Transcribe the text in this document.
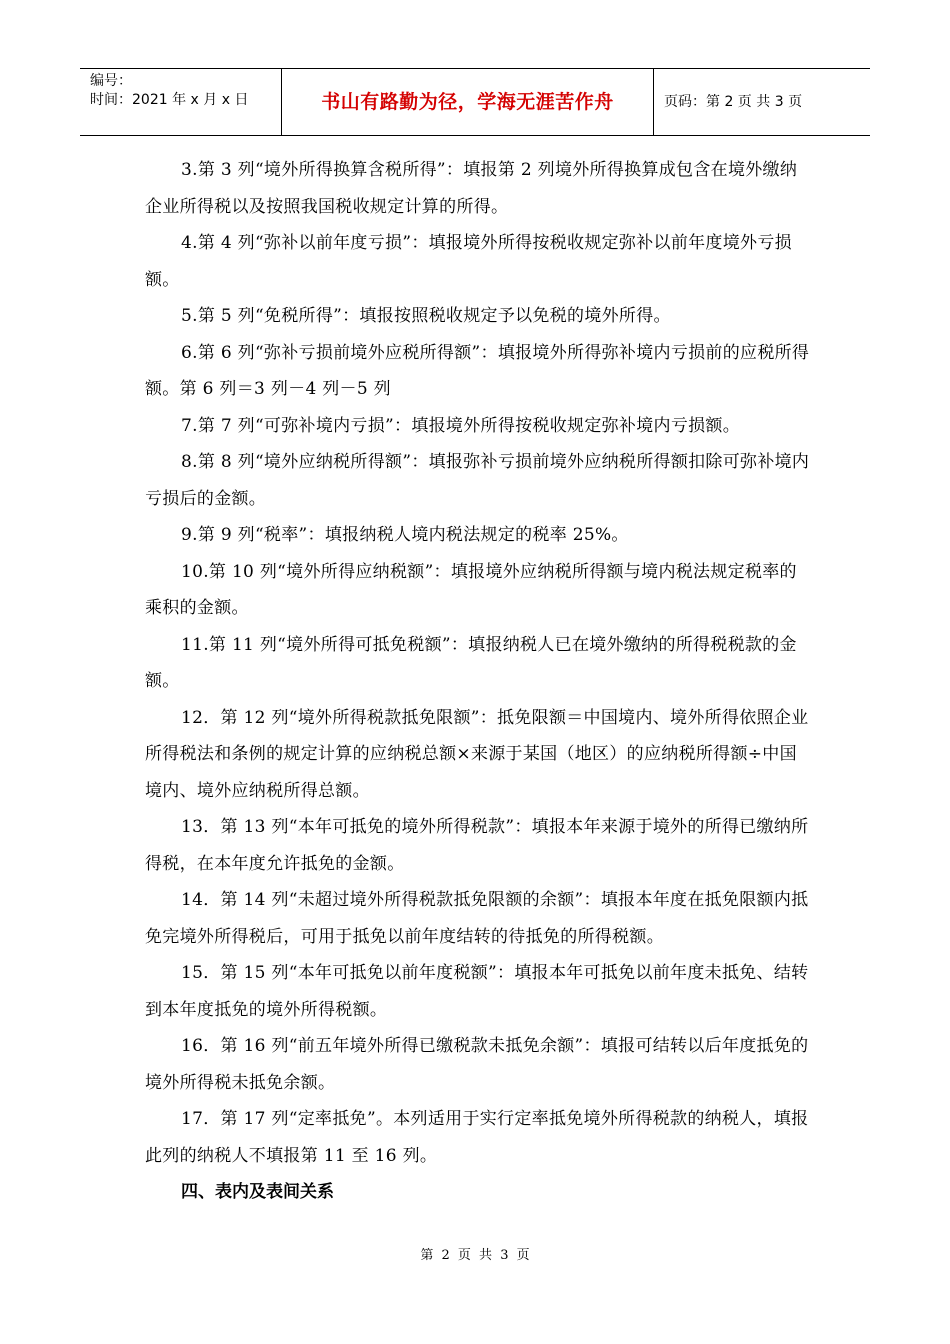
编号：
时间：2021 年 x 月 x 日	书山有路勤为径，学海无涯苦作舟	页码：第 2 页 共 3 页

3.第 3 列“境外所得换算含税所得”：填报第 2 列境外所得换算成包含在境外缴纳企业所得税以及按照我国税收规定计算的所得。

4.第 4 列“弥补以前年度亏损”：填报境外所得按税收规定弥补以前年度境外亏损额。

5.第 5 列“免税所得”：填报按照税收规定予以免税的境外所得。

6.第 6 列“弥补亏损前境外应税所得额”：填报境外所得弥补境内亏损前的应税所得额。第 6 列＝3 列－4 列－5 列

7.第 7 列“可弥补境内亏损”：填报境外所得按税收规定弥补境内亏损额。

8.第 8 列“境外应纳税所得额”：填报弥补亏损前境外应纳税所得额扣除可弥补境内亏损后的金额。

9.第 9 列“税率”：填报纳税人境内税法规定的税率 25%。

10.第 10 列“境外所得应纳税额”：填报境外应纳税所得额与境内税法规定税率的乘积的金额。

11.第 11 列“境外所得可抵免税额”：填报纳税人已在境外缴纳的所得税税款的金额。

12．第 12 列“境外所得税款抵免限额”：抵免限额＝中国境内、境外所得依照企业所得税法和条例的规定计算的应纳税总额×来源于某国（地区）的应纳税所得额÷中国境内、境外应纳税所得总额。

13．第 13 列“本年可抵免的境外所得税款”：填报本年来源于境外的所得已缴纳所得税，在本年度允许抵免的金额。

14．第 14 列“未超过境外所得税款抵免限额的余额”：填报本年度在抵免限额内抵免完境外所得税后，可用于抵免以前年度结转的待抵免的所得税额。

15．第 15 列“本年可抵免以前年度税额”：填报本年可抵免以前年度未抵免、结转到本年度抵免的境外所得税额。

16．第 16 列“前五年境外所得已缴税款未抵免余额”：填报可结转以后年度抵免的境外所得税未抵免余额。

17．第 17 列“定率抵免”。本列适用于实行定率抵免境外所得税款的纳税人，填报此列的纳税人不填报第 11 至 16 列。

四、表内及表间关系

第 2 页 共 3 页
